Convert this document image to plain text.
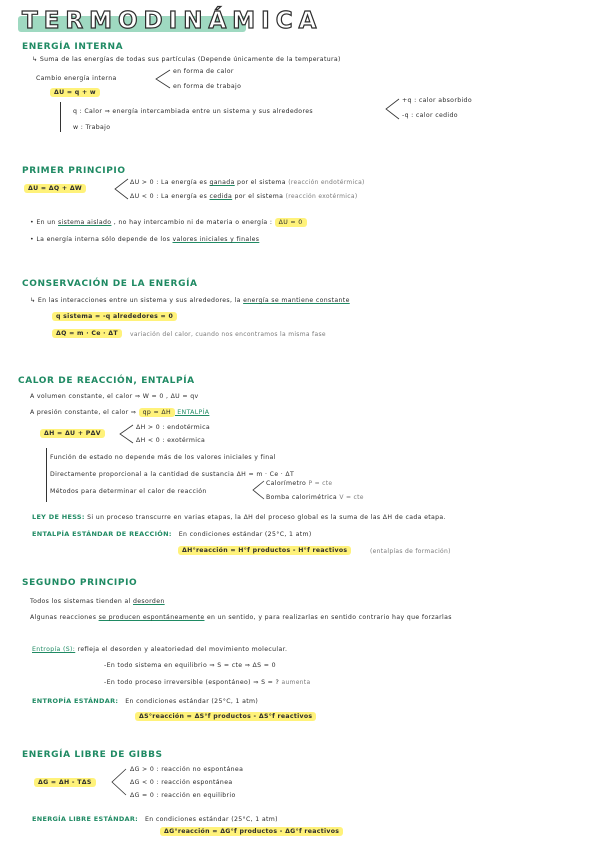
TERMODINÁMICA
ENERGÍA INTERNA
↳ Suma de las energías de todas sus partículas (Depende únicamente de la temperatura)
Cambio energía interna
en forma de calor
en forma de trabajo
ΔU = q + w
q : Calor ⇒ energía intercambiada entre un sistema y sus alrededores
+q : calor absorbido
-q : calor cedido
w : Trabajo
PRIMER PRINCIPIO
ΔU = ΔQ + ΔW
ΔU > 0 : La energía es ganada por el sistema (reacción endotérmica)
ΔU < 0 : La energía es cedida por el sistema (reacción exotérmica)
• En un sistema aislado , no hay intercambio ni de materia o energía : ΔU = 0
• La energía interna sólo depende de los valores iniciales y finales
CONSERVACIÓN DE LA ENERGÍA
↳ En las interacciones entre un sistema y sus alrededores, la energía se mantiene constante
q sistema = -q alrededores = 0
ΔQ = m · Ce · ΔT	variación del calor, cuando nos encontramos la misma fase
CALOR DE REACCIÓN, ENTALPÍA
A volumen constante, el calor ⇒ W = 0 , ΔU = qv
A presión constante, el calor ⇒ qp = ΔH ENTALPÍA
ΔH = ΔU + PΔV
ΔH > 0 : endotérmica
ΔH < 0 : exotérmica
Función de estado no depende más de los valores iniciales y final
Directamente proporcional a la cantidad de sustancia ΔH = m · Ce · ΔT
Métodos para determinar el calor de reacción
Calorímetro P = cte
Bomba calorimétrica V = cte
LEY DE HESS: Si un proceso transcurre en varias etapas, la ΔH del proceso global es la suma de las ΔH de cada etapa.
ENTALPÍA ESTÁNDAR DE REACCIÓN: En condiciones estándar (25°C, 1 atm)
ΔH°reacción = H°f productos - H°f reactivos	(entalpías de formación)
SEGUNDO PRINCIPIO
Todos los sistemas tienden al desorden
Algunas reacciones se producen espontáneamente en un sentido, y para realizarlas en sentido contrario hay que forzarlas
Entropía (S): refleja el desorden y aleatoriedad del movimiento molecular.
-En todo sistema en equilibrio ⇒ S = cte ⇒ ΔS = 0
-En todo proceso irreversible (espontáneo) ⇒ S = ? aumenta
ENTROPÍA ESTÁNDAR: En condiciones estándar (25°C, 1 atm)
ΔS°reacción = ΔS°f productos - ΔS°f reactivos
ENERGÍA LIBRE DE GIBBS
ΔG = ΔH - TΔS
ΔG > 0 : reacción no espontánea
ΔG < 0 : reacción espontánea
ΔG = 0 : reacción en equilibrio
ENERGÍA LIBRE ESTÁNDAR: En condiciones estándar (25°C, 1 atm)
ΔG°reacción = ΔG°f productos - ΔG°f reactivos
